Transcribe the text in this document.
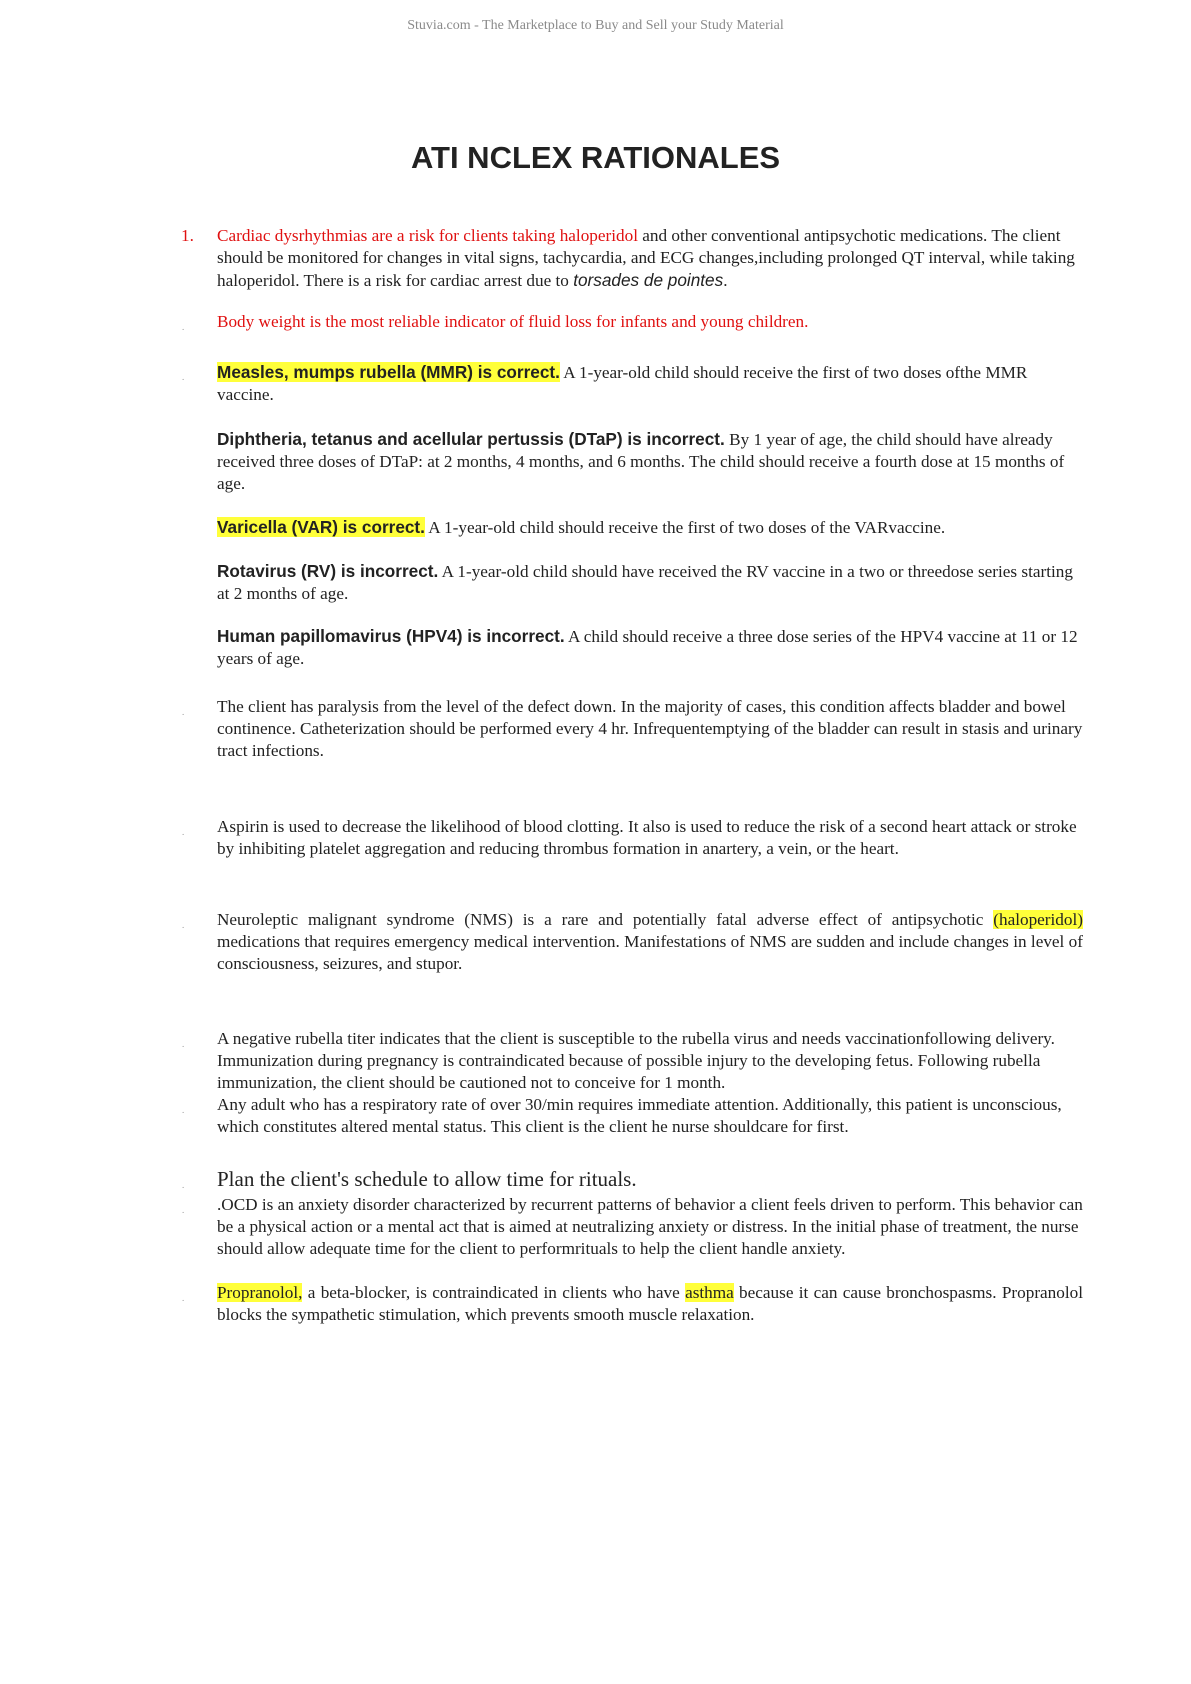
Stuvia.com - The Marketplace to Buy and Sell your Study Material
ATI NCLEX RATIONALES
1. Cardiac dysrhythmias are a risk for clients taking haloperidol and other conventional antipsychotic medications. The client should be monitored for changes in vital signs, tachycardia, and ECG changes,including prolonged QT interval, while taking haloperidol. There is a risk for cardiac arrest due to torsades de pointes.
. Body weight is the most reliable indicator of fluid loss for infants and young children.
. Measles, mumps rubella (MMR) is correct. A 1-year-old child should receive the first of two doses ofthe MMR vaccine.
Diphtheria, tetanus and acellular pertussis (DTaP) is incorrect. By 1 year of age, the child should have already received three doses of DTaP: at 2 months, 4 months, and 6 months. The child should receive a fourth dose at 15 months of age.
Varicella (VAR) is correct. A 1-year-old child should receive the first of two doses of the VARvaccine.
Rotavirus (RV) is incorrect. A 1-year-old child should have received the RV vaccine in a two or threedose series starting at 2 months of age.
Human papillomavirus (HPV4) is incorrect. A child should receive a three dose series of the HPV4 vaccine at 11 or 12 years of age.
. The client has paralysis from the level of the defect down. In the majority of cases, this condition affects bladder and bowel continence. Catheterization should be performed every 4 hr. Infrequentemptying of the bladder can result in stasis and urinary tract infections.
. Aspirin is used to decrease the likelihood of blood clotting. It also is used to reduce the risk of a second heart attack or stroke by inhibiting platelet aggregation and reducing thrombus formation in anartery, a vein, or the heart.
. Neuroleptic malignant syndrome (NMS) is a rare and potentially fatal adverse effect of antipsychotic (haloperidol) medications that requires emergency medical intervention. Manifestations of NMS are sudden and include changes in level of consciousness, seizures, and stupor.
. A negative rubella titer indicates that the client is susceptible to the rubella virus and needs vaccinationfollowing delivery. Immunization during pregnancy is contraindicated because of possible injury to the developing fetus. Following rubella immunization, the client should be cautioned not to conceive for 1 month.
. Any adult who has a respiratory rate of over 30/min requires immediate attention. Additionally, this patient is unconscious, which constitutes altered mental status. This client is the client he nurse shouldcare for first.
. Plan the client's schedule to allow time for rituals.
. .OCD is an anxiety disorder characterized by recurrent patterns of behavior a client feels driven to perform. This behavior can be a physical action or a mental act that is aimed at neutralizing anxiety or distress. In the initial phase of treatment, the nurse should allow adequate time for the client to performrituals to help the client handle anxiety.
. Propranolol, a beta-blocker, is contraindicated in clients who have asthma because it can cause bronchospasms. Propranolol blocks the sympathetic stimulation, which prevents smooth muscle relaxation.
